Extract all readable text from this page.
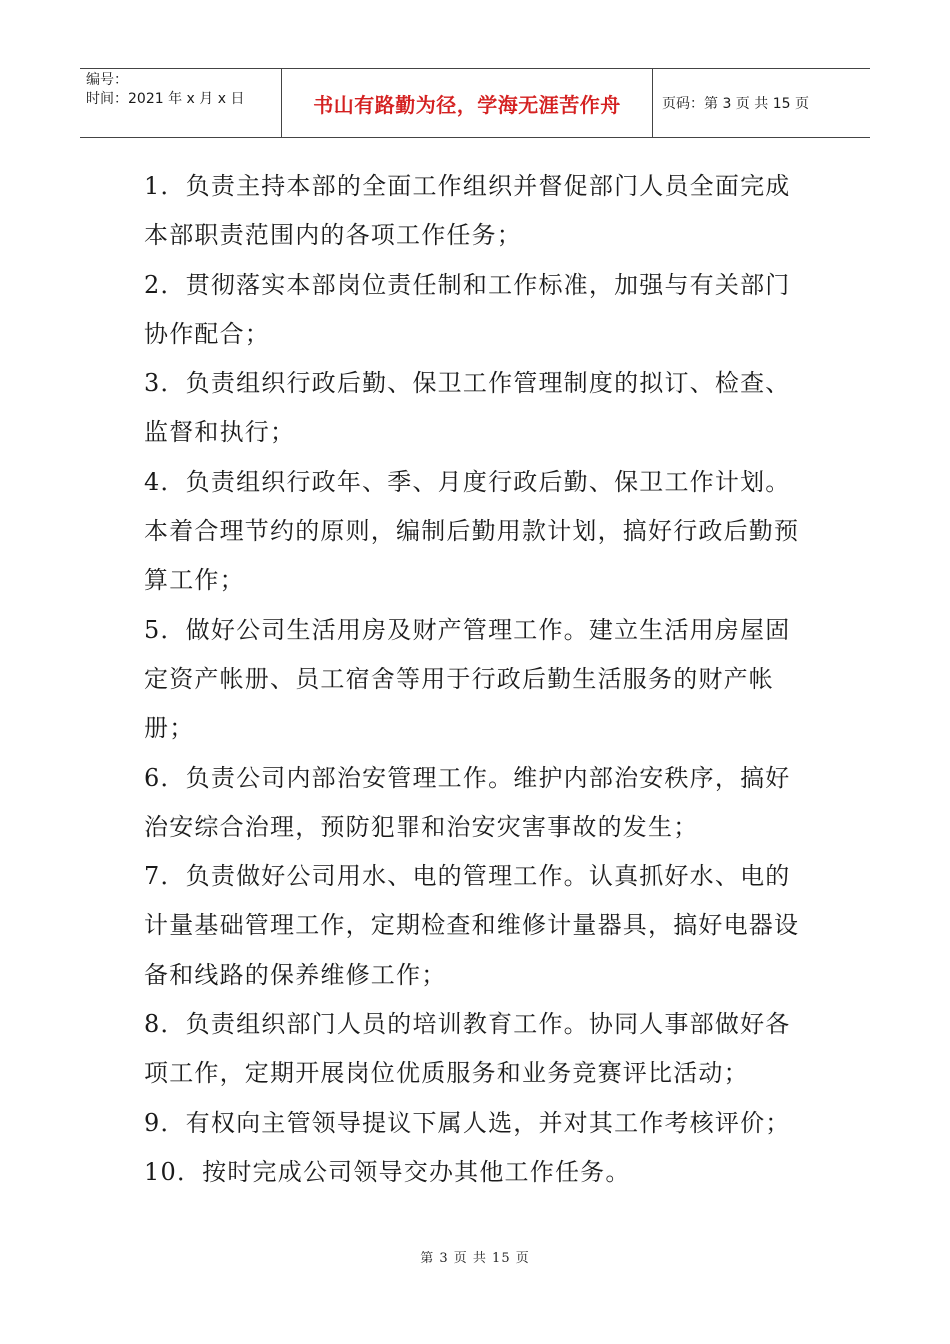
编号：
时间：2021 年 x 月 x 日	书山有路勤为径，学海无涯苦作舟	页码：第 3 页 共 15 页

1．负责主持本部的全面工作组织并督促部门人员全面完成本部职责范围内的各项工作任务；

2．贯彻落实本部岗位责任制和工作标准，加强与有关部门协作配合；

3．负责组织行政后勤、保卫工作管理制度的拟订、检查、监督和执行；

4．负责组织行政年、季、月度行政后勤、保卫工作计划。本着合理节约的原则，编制后勤用款计划，搞好行政后勤预算工作；

5．做好公司生活用房及财产管理工作。建立生活用房屋固定资产帐册、员工宿舍等用于行政后勤生活服务的财产帐册；

6．负责公司内部治安管理工作。维护内部治安秩序，搞好治安综合治理，预防犯罪和治安灾害事故的发生；

7．负责做好公司用水、电的管理工作。认真抓好水、电的计量基础管理工作，定期检查和维修计量器具，搞好电器设备和线路的保养维修工作；

8．负责组织部门人员的培训教育工作。协同人事部做好各项工作，定期开展岗位优质服务和业务竞赛评比活动；

9．有权向主管领导提议下属人选，并对其工作考核评价；

10．按时完成公司领导交办其他工作任务。

第 3 页 共 15 页
